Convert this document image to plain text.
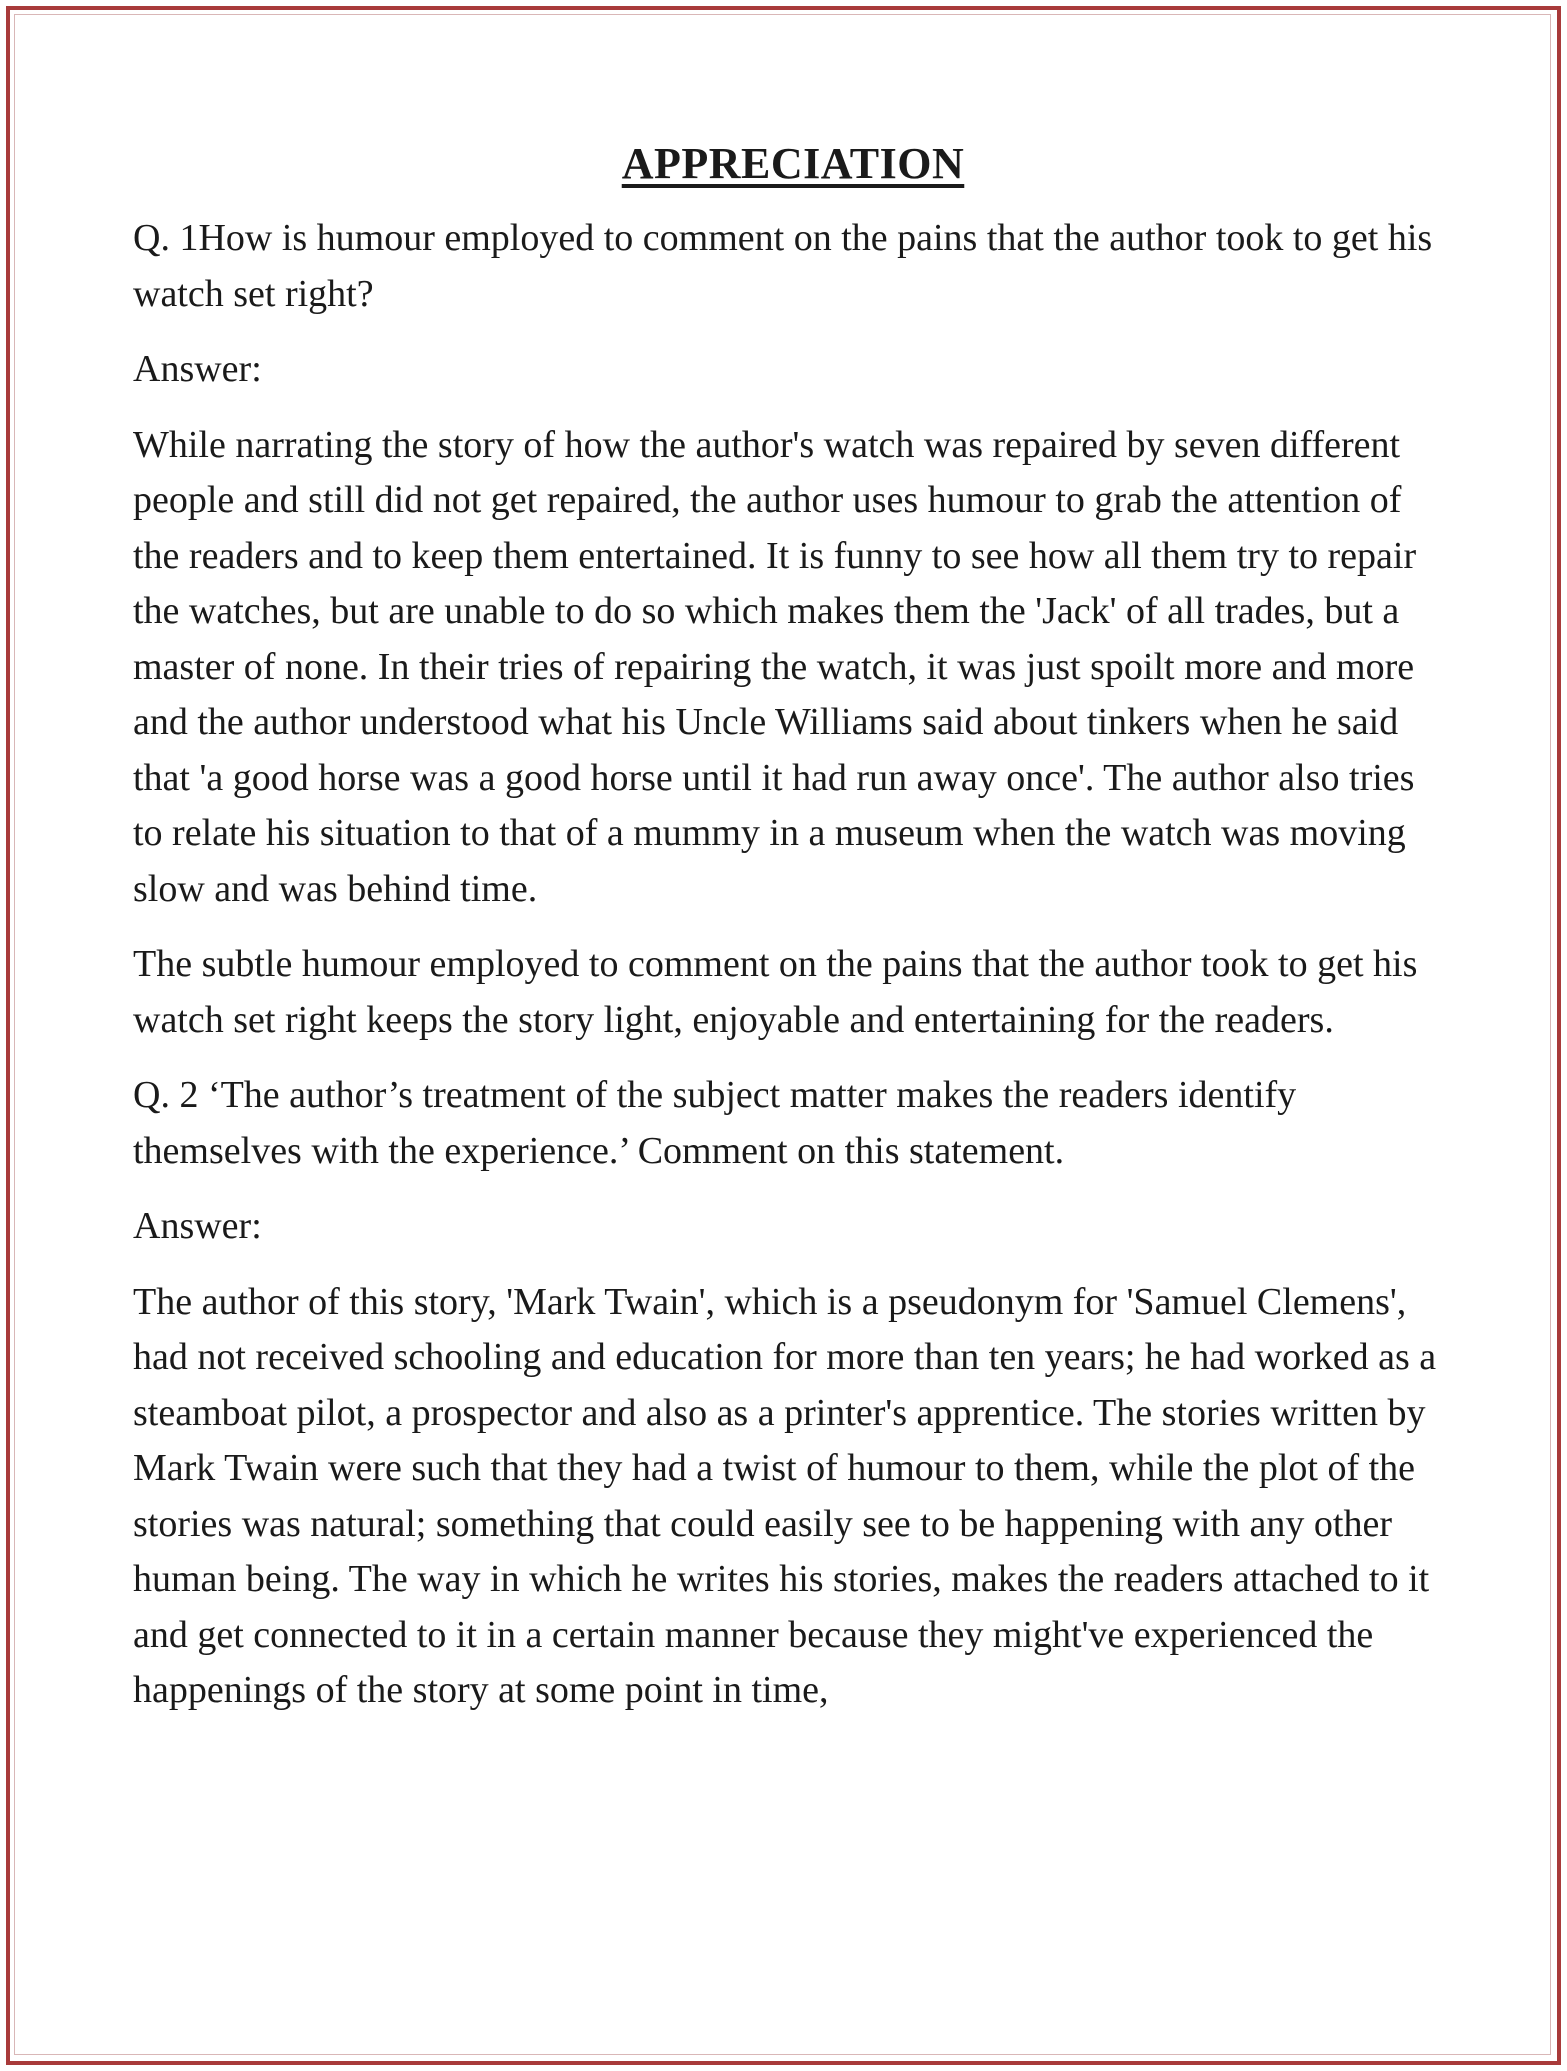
APPRECIATION

Q. 1How is humour employed to comment on the pains that the author took to get his watch set right?

Answer:

While narrating the story of how the author's watch was repaired by seven different people and still did not get repaired, the author uses humour to grab the attention of the readers and to keep them entertained. It is funny to see how all them try to repair the watches, but are unable to do so which makes them the 'Jack' of all trades, but a master of none. In their tries of repairing the watch, it was just spoilt more and more and the author understood what his Uncle Williams said about tinkers when he said that 'a good horse was a good horse until it had run away once'. The author also tries to relate his situation to that of a mummy in a museum when the watch was moving slow and was behind time.

The subtle humour employed to comment on the pains that the author took to get his watch set right keeps the story light, enjoyable and entertaining for the readers.

Q. 2 ‘The author’s treatment of the subject matter makes the readers identify themselves with the experience.’ Comment on this statement.

Answer:

The author of this story, 'Mark Twain', which is a pseudonym for 'Samuel Clemens', had not received schooling and education for more than ten years; he had worked as a steamboat pilot, a prospector and also as a printer's apprentice. The stories written by Mark Twain were such that they had a twist of humour to them, while the plot of the stories was natural; something that could easily see to be happening with any other human being. The way in which he writes his stories, makes the readers attached to it and get connected to it in a certain manner because they might've experienced the happenings of the story at some point in time,
